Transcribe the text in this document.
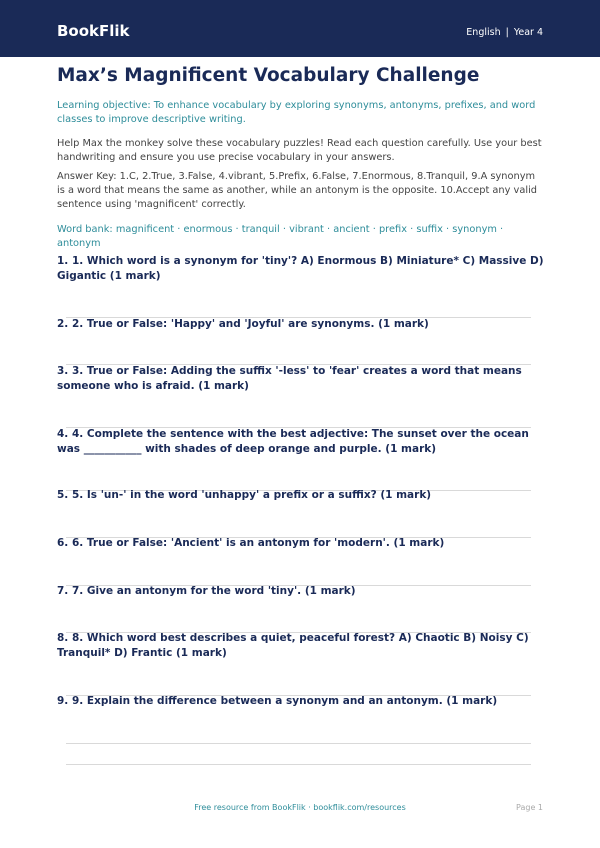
BookFlik	English | Year 4
Max’s Magnificent Vocabulary Challenge
Learning objective: To enhance vocabulary by exploring synonyms, antonyms, prefixes, and word classes to improve descriptive writing.
Help Max the monkey solve these vocabulary puzzles! Read each question carefully. Use your best handwriting and ensure you use precise vocabulary in your answers.
Answer Key: 1.C, 2.True, 3.False, 4.vibrant, 5.Prefix, 6.False, 7.Enormous, 8.Tranquil, 9.A synonym is a word that means the same as another, while an antonym is the opposite. 10.Accept any valid sentence using 'magnificent' correctly.
Word bank: magnificent · enormous · tranquil · vibrant · ancient · prefix · suffix · synonym · antonym
1. 1. Which word is a synonym for 'tiny'? A) Enormous B) Miniature* C) Massive D) Gigantic (1 mark)
2. 2. True or False: 'Happy' and 'Joyful' are synonyms. (1 mark)
3. 3. True or False: Adding the suffix '-less' to 'fear' creates a word that means someone who is afraid. (1 mark)
4. 4. Complete the sentence with the best adjective: The sunset over the ocean was ___________ with shades of deep orange and purple. (1 mark)
5. 5. Is 'un-' in the word 'unhappy' a prefix or a suffix? (1 mark)
6. 6. True or False: 'Ancient' is an antonym for 'modern'. (1 mark)
7. 7. Give an antonym for the word 'tiny'. (1 mark)
8. 8. Which word best describes a quiet, peaceful forest? A) Chaotic B) Noisy C) Tranquil* D) Frantic (1 mark)
9. 9. Explain the difference between a synonym and an antonym. (1 mark)
Free resource from BookFlik · bookflik.com/resources	Page 1
